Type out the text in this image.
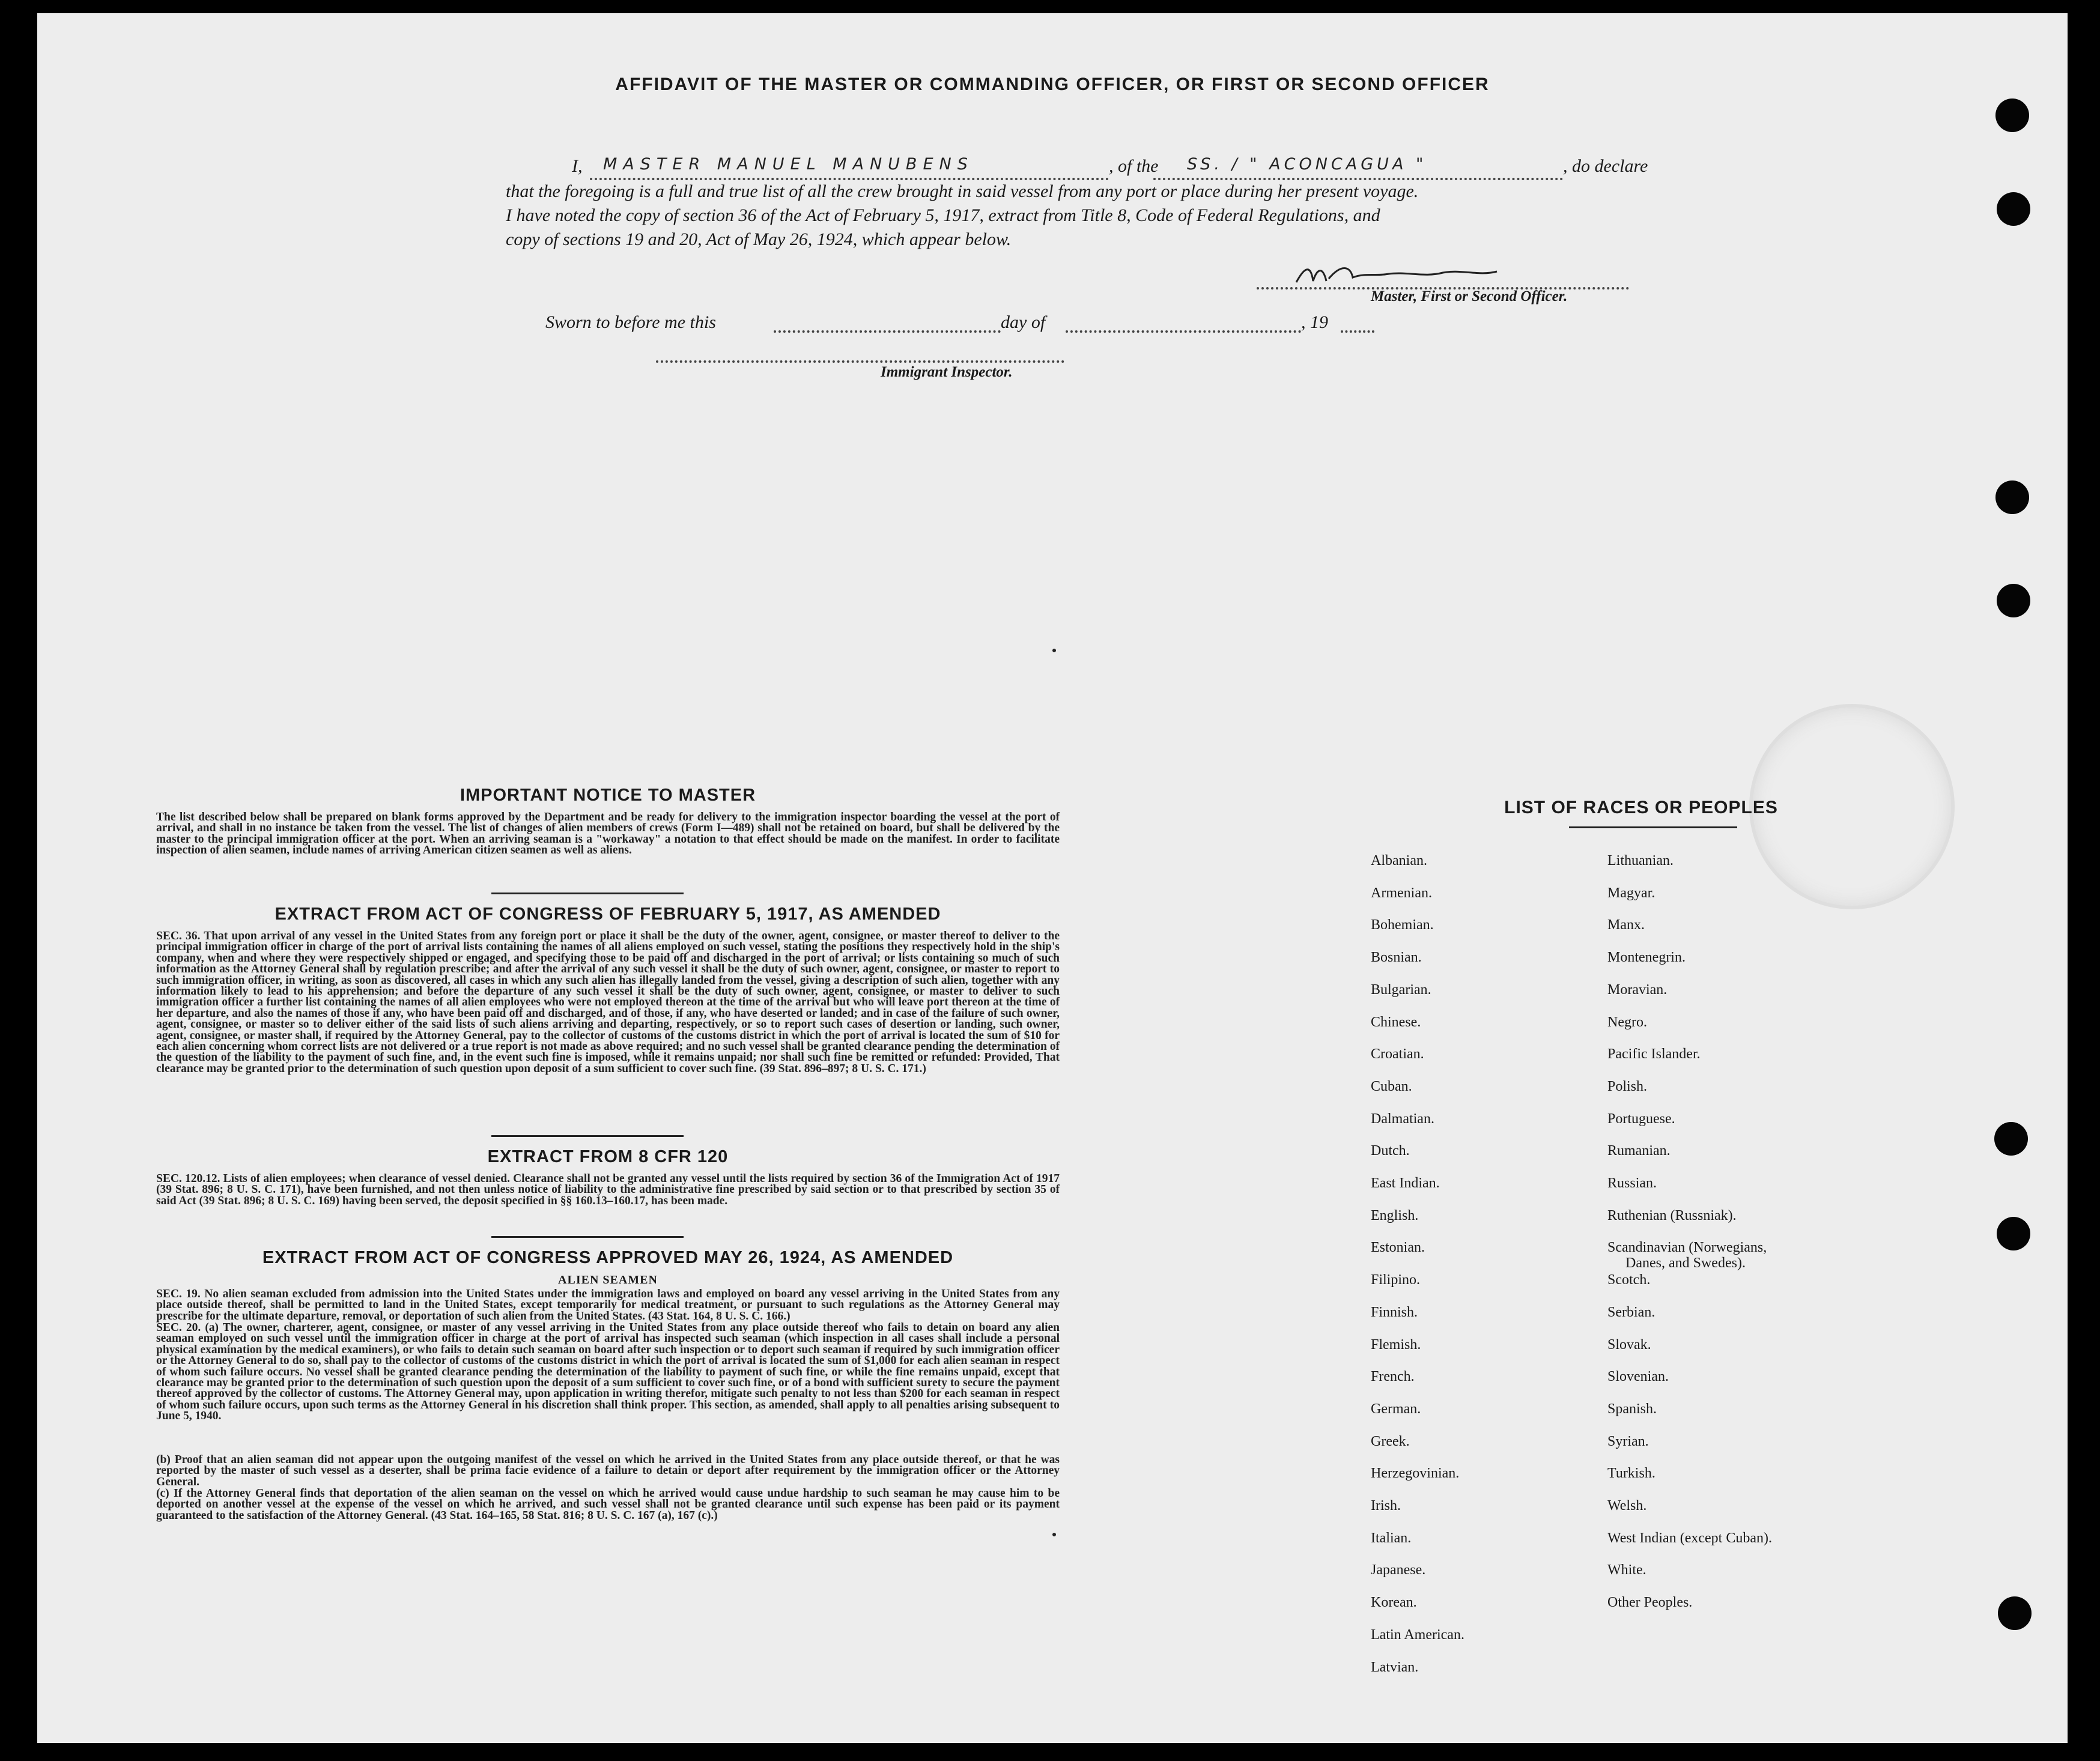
AFFIDAVIT OF THE MASTER OR COMMANDING OFFICER, OR FIRST OR SECOND OFFICER
I, MASTER MANUEL MANUBENS	, of the SS. / " ACONCAGUA "	, do declare
that the foregoing is a full and true list of all the crew brought in said vessel from any port or place during her present voyage.
I have noted the copy of section 36 of the Act of February 5, 1917, extract from Title 8, Code of Federal Regulations, and
copy of sections 19 and 20, Act of May 26, 1924, which appear below.
Master, First or Second Officer.
Sworn to before me this	day of	, 19
Immigrant Inspector.
IMPORTANT NOTICE TO MASTER
The list described below shall be prepared on blank forms approved by the Department and be ready for delivery to the immigration inspector boarding the vessel at the port of arrival, and shall in no instance be taken from the vessel. The list of changes of alien members of crews (Form I—489) shall not be retained on board, but shall be delivered by the master to the principal immigration officer at the port. When an arriving seaman is a "workaway" a notation to that effect should be made on the manifest. In order to facilitate inspection of alien seamen, include names of arriving American citizen seamen as well as aliens.
EXTRACT FROM ACT OF CONGRESS OF FEBRUARY 5, 1917, AS AMENDED
SEC. 36. That upon arrival of any vessel in the United States from any foreign port or place it shall be the duty of the owner, agent, consignee, or master thereof to deliver to the principal immigration officer in charge of the port of arrival lists containing the names of all aliens employed on such vessel, stating the positions they respectively hold in the ship's company, when and where they were respectively shipped or engaged, and specifying those to be paid off and discharged in the port of arrival; or lists containing so much of such information as the Attorney General shall by regulation prescribe; and after the arrival of any such vessel it shall be the duty of such owner, agent, consignee, or master to report to such immigration officer, in writing, as soon as discovered, all cases in which any such alien has illegally landed from the vessel, giving a description of such alien, together with any information likely to lead to his apprehension; and before the departure of any such vessel it shall be the duty of such owner, agent, consignee, or master to deliver to such immigration officer a further list containing the names of all alien employees who were not employed thereon at the time of the arrival but who will leave port thereon at the time of her departure, and also the names of those if any, who have been paid off and discharged, and of those, if any, who have deserted or landed; and in case of the failure of such owner, agent, consignee, or master so to deliver either of the said lists of such aliens arriving and departing, respectively, or so to report such cases of desertion or landing, such owner, agent, consignee, or master shall, if required by the Attorney General, pay to the collector of customs of the customs district in which the port of arrival is located the sum of $10 for each alien concerning whom correct lists are not delivered or a true report is not made as above required; and no such vessel shall be granted clearance pending the determination of the question of the liability to the payment of such fine, and, in the event such fine is imposed, while it remains unpaid; nor shall such fine be remitted or refunded: Provided, That clearance may be granted prior to the determination of such question upon deposit of a sum sufficient to cover such fine. (39 Stat. 896–897; 8 U. S. C. 171.)
EXTRACT FROM 8 CFR 120
SEC. 120.12. Lists of alien employees; when clearance of vessel denied. Clearance shall not be granted any vessel until the lists required by section 36 of the Immigration Act of 1917 (39 Stat. 896; 8 U. S. C. 171), have been furnished, and not then unless notice of liability to the administrative fine prescribed by said section or to that prescribed by section 35 of said Act (39 Stat. 896; 8 U. S. C. 169) having been served, the deposit specified in §§ 160.13–160.17, has been made.
EXTRACT FROM ACT OF CONGRESS APPROVED MAY 26, 1924, AS AMENDED
ALIEN SEAMEN
SEC. 19. No alien seaman excluded from admission into the United States under the immigration laws and employed on board any vessel arriving in the United States from any place outside thereof, shall be permitted to land in the United States, except temporarily for medical treatment, or pursuant to such regulations as the Attorney General may prescribe for the ultimate departure, removal, or deportation of such alien from the United States. (43 Stat. 164, 8 U. S. C. 166.)
SEC. 20. (a) The owner, charterer, agent, consignee, or master of any vessel arriving in the United States from any place outside thereof who fails to detain on board any alien seaman employed on such vessel until the immigration officer in charge at the port of arrival has inspected such seaman (which inspection in all cases shall include a personal physical examination by the medical examiners), or who fails to detain such seaman on board after such inspection or to deport such seaman if required by such immigration officer or the Attorney General to do so, shall pay to the collector of customs of the customs district in which the port of arrival is located the sum of $1,000 for each alien seaman in respect of whom such failure occurs. No vessel shall be granted clearance pending the determination of the liability to payment of such fine, or while the fine remains unpaid, except that clearance may be granted prior to the determination of such question upon the deposit of a sum sufficient to cover such fine, or of a bond with sufficient surety to secure the payment thereof approved by the collector of customs. The Attorney General may, upon application in writing therefor, mitigate such penalty to not less than $200 for each seaman in respect of whom such failure occurs, upon such terms as the Attorney General in his discretion shall think proper. This section, as amended, shall apply to all penalties arising subsequent to June 5, 1940.
(b) Proof that an alien seaman did not appear upon the outgoing manifest of the vessel on which he arrived in the United States from any place outside thereof, or that he was reported by the master of such vessel as a deserter, shall be prima facie evidence of a failure to detain or deport after requirement by the immigration officer or the Attorney General.
(c) If the Attorney General finds that deportation of the alien seaman on the vessel on which he arrived would cause undue hardship to such seaman he may cause him to be deported on another vessel at the expense of the vessel on which he arrived, and such vessel shall not be granted clearance until such expense has been paid or its payment guaranteed to the satisfaction of the Attorney General. (43 Stat. 164–165, 58 Stat. 816; 8 U. S. C. 167 (a), 167 (c).)
LIST OF RACES OR PEOPLES
Albanian.
Armenian.
Bohemian.
Bosnian.
Bulgarian.
Chinese.
Croatian.
Cuban.
Dalmatian.
Dutch.
East Indian.
English.
Estonian.
Filipino.
Finnish.
Flemish.
French.
German.
Greek.
Herzegovinian.
Irish.
Italian.
Japanese.
Korean.
Latin American.
Latvian.
Lithuanian.
Magyar.
Manx.
Montenegrin.
Moravian.
Negro.
Pacific Islander.
Polish.
Portuguese.
Rumanian.
Russian.
Ruthenian (Russniak).
Scandinavian (Norwegians,
Danes, and Swedes).
Scotch.
Serbian.
Slovak.
Slovenian.
Spanish.
Syrian.
Turkish.
Welsh.
West Indian (except Cuban).
White.
Other Peoples.
